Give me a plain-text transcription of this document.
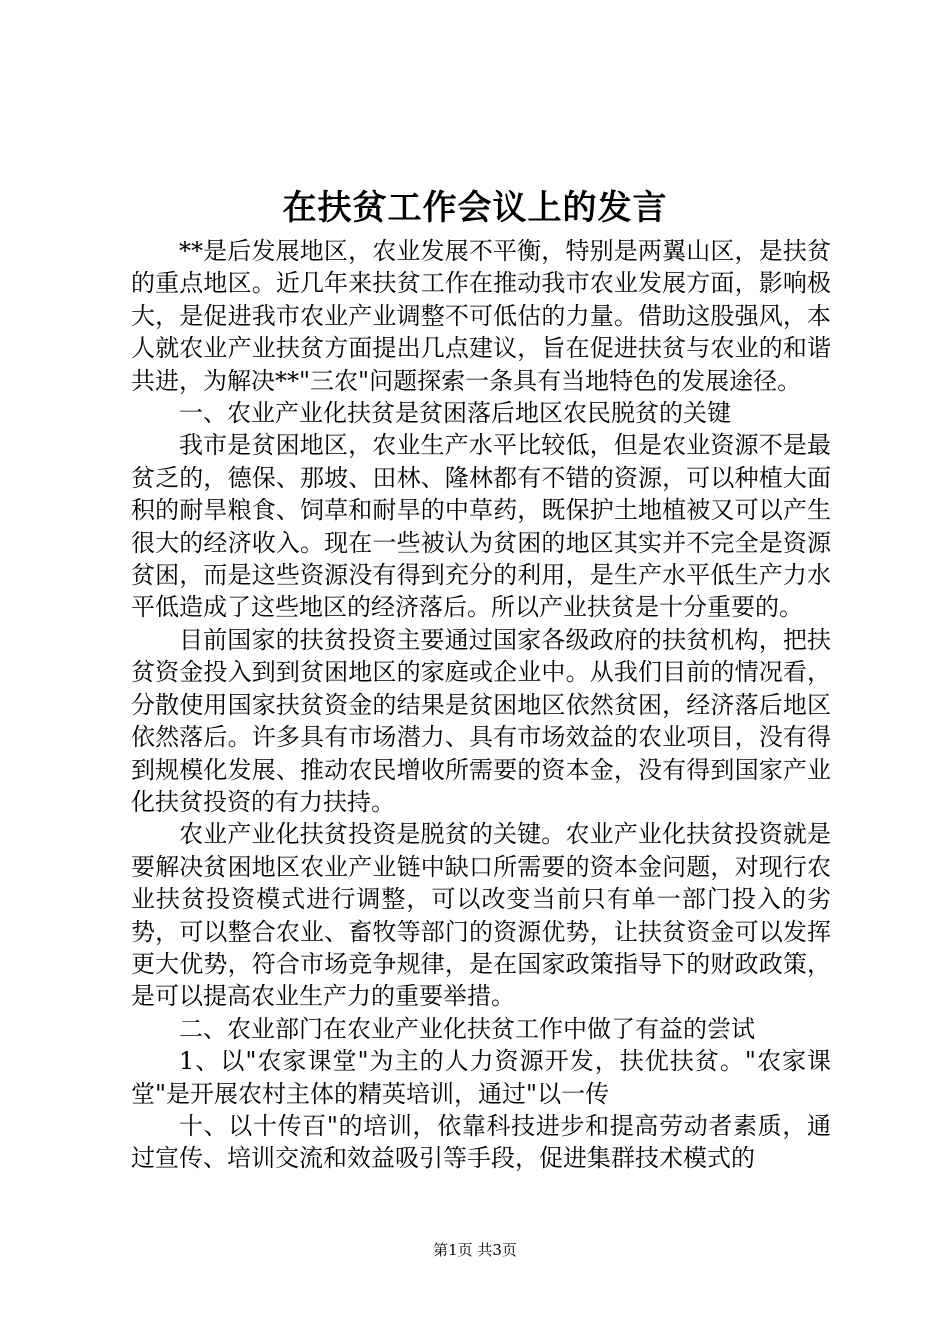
在扶贫工作会议上的发言

**是后发展地区，农业发展不平衡，特别是两翼山区，是扶贫的重点地区。近几年来扶贫工作在推动我市农业发展方面，影响极大，是促进我市农业产业调整不可低估的力量。借助这股强风，本人就农业产业扶贫方面提出几点建议，旨在促进扶贫与农业的和谐共进，为解决**"三农"问题探索一条具有当地特色的发展途径。

一、农业产业化扶贫是贫困落后地区农民脱贫的关键

我市是贫困地区，农业生产水平比较低，但是农业资源不是最贫乏的，德保、那坡、田林、隆林都有不错的资源，可以种植大面积的耐旱粮食、饲草和耐旱的中草药，既保护土地植被又可以产生很大的经济收入。现在一些被认为贫困的地区其实并不完全是资源贫困，而是这些资源没有得到充分的利用，是生产水平低生产力水平低造成了这些地区的经济落后。所以产业扶贫是十分重要的。

目前国家的扶贫投资主要通过国家各级政府的扶贫机构，把扶贫资金投入到到贫困地区的家庭或企业中。从我们目前的情况看，分散使用国家扶贫资金的结果是贫困地区依然贫困，经济落后地区依然落后。许多具有市场潜力、具有市场效益的农业项目，没有得到规模化发展、推动农民增收所需要的资本金，没有得到国家产业化扶贫投资的有力扶持。

农业产业化扶贫投资是脱贫的关键。农业产业化扶贫投资就是要解决贫困地区农业产业链中缺口所需要的资本金问题，对现行农业扶贫投资模式进行调整，可以改变当前只有单一部门投入的劣势，可以整合农业、畜牧等部门的资源优势，让扶贫资金可以发挥更大优势，符合市场竞争规律，是在国家政策指导下的财政政策，是可以提高农业生产力的重要举措。

二、农业部门在农业产业化扶贫工作中做了有益的尝试

1、以"农家课堂"为主的人力资源开发，扶优扶贫。"农家课堂"是开展农村主体的精英培训，通过"以一传

十、以十传百"的培训，依靠科技进步和提高劳动者素质，通过宣传、培训交流和效益吸引等手段，促进集群技术模式的

第1页 共3页
